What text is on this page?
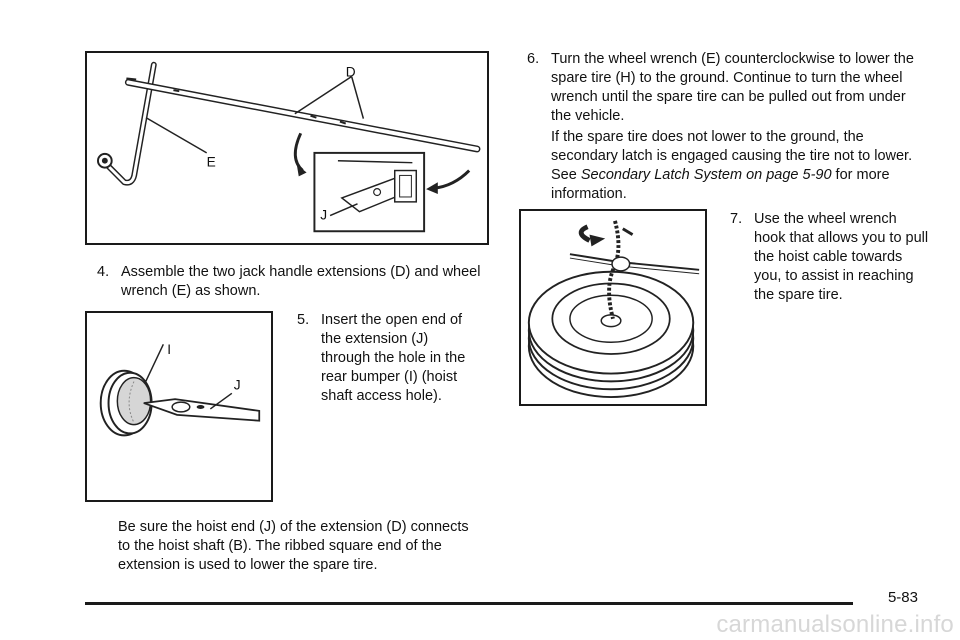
D
E
J
4. Assemble the two jack handle extensions (D) and wheel wrench (E) as shown.
I
J
5. Insert the open end of the extension (J) through the hole in the rear bumper (I) (hoist shaft access hole).
Be sure the hoist end (J) of the extension (D) connects to the hoist shaft (B). The ribbed square end of the extension is used to lower the spare tire.
6. Turn the wheel wrench (E) counterclockwise to lower the spare tire (H) to the ground. Continue to turn the wheel wrench until the spare tire can be pulled out from under the vehicle.
If the spare tire does not lower to the ground, the secondary latch is engaged causing the tire not to lower. See Secondary Latch System on page 5-90 for more information.
7. Use the wheel wrench hook that allows you to pull the hoist cable towards you, to assist in reaching the spare tire.
5-83
carmanualsonline.info
